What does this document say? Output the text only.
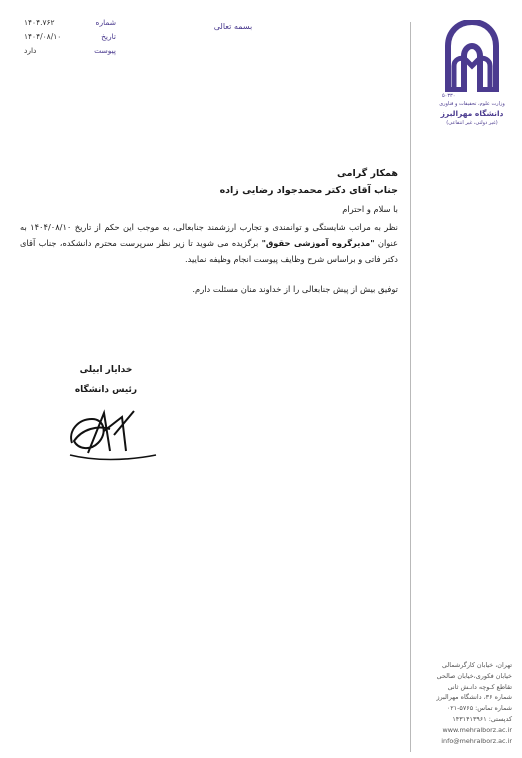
شماره
۱۴۰۴.۷۶۲
تاریخ
۱۴۰۴/۰۸/۱۰
پیوست
دارد
بسمه تعالی
۵۰۳۳۰
وزارت علوم، تحقیقات و فناوری
دانشگاه مهرالبرز
(غیر دولتی، غیر انتفاعی)
همکار گرامی
جناب آقای دکتر محمدجواد رضایی زاده
با سلام و احترام
نظر به مراتب شایستگی و توانمندی و تجارب ارزشمند جنابعالی، به موجب این حکم از تاریخ ۱۴۰۴/۰۸/۱۰ به عنوان "مدیرگروه آموزشی حقوق" برگزیده می شوید تا زیر نظر سرپرست محترم دانشکده، جناب آقای دکتر فاتی و براساس شرح وظایف پیوست انجام وظیفه نمایید.
توفیق بیش از پیش جنابعالی را از خداوند منان مسئلت دارم.
خدایار ابیلی
رئیس دانشگاه
تهران، خیابان کارگرشمالی
خیابان فکوری،خیابان صالحی
تقاطع کـوچه دانـش ثانی
شماره ۳۶، دانشگاه مهرالبرز
شماره تماس: ۵۷۶۵-۰۲۱
کدپستی: ۱۴۳۱۴۱۳۹۶۱
www.mehralborz.ac.ir
info@mehralborz.ac.ir
